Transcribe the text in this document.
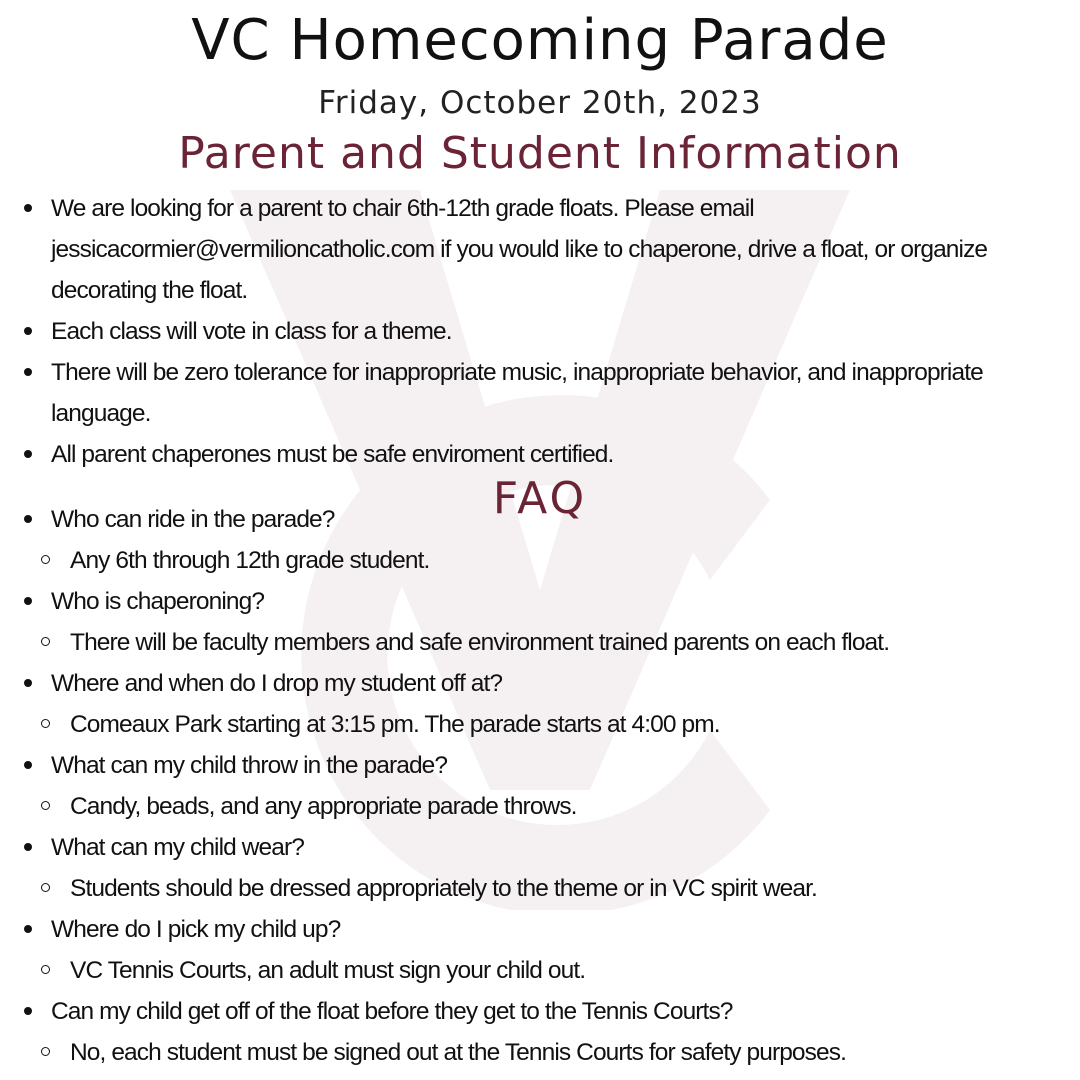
VC Homecoming Parade
Friday, October 20th, 2023
Parent and Student Information
We are looking for a parent to chair 6th-12th grade floats. Please email jessicacormier@vermilioncatholic.com if you would like to chaperone, drive a float, or organize decorating the float.
Each class will vote in class for a theme.
There will be zero tolerance for inappropriate music, inappropriate behavior, and inappropriate language.
All parent chaperones must be safe enviroment certified.
FAQ
Who can ride in the parade?
Any 6th through 12th grade student.
Who is chaperoning?
There will be faculty members and safe environment trained parents on each float.
Where and when do I drop my student off at?
Comeaux Park starting at 3:15 pm. The parade starts at 4:00 pm.
What can my child throw in the parade?
Candy, beads, and any appropriate parade throws.
What can my child wear?
Students should be dressed appropriately to the theme or in VC spirit wear.
Where do I pick my child up?
VC Tennis Courts, an adult must sign your child out.
Can my child get off of the float before they get to the Tennis Courts?
No, each student must be signed out at the Tennis Courts for safety purposes.
